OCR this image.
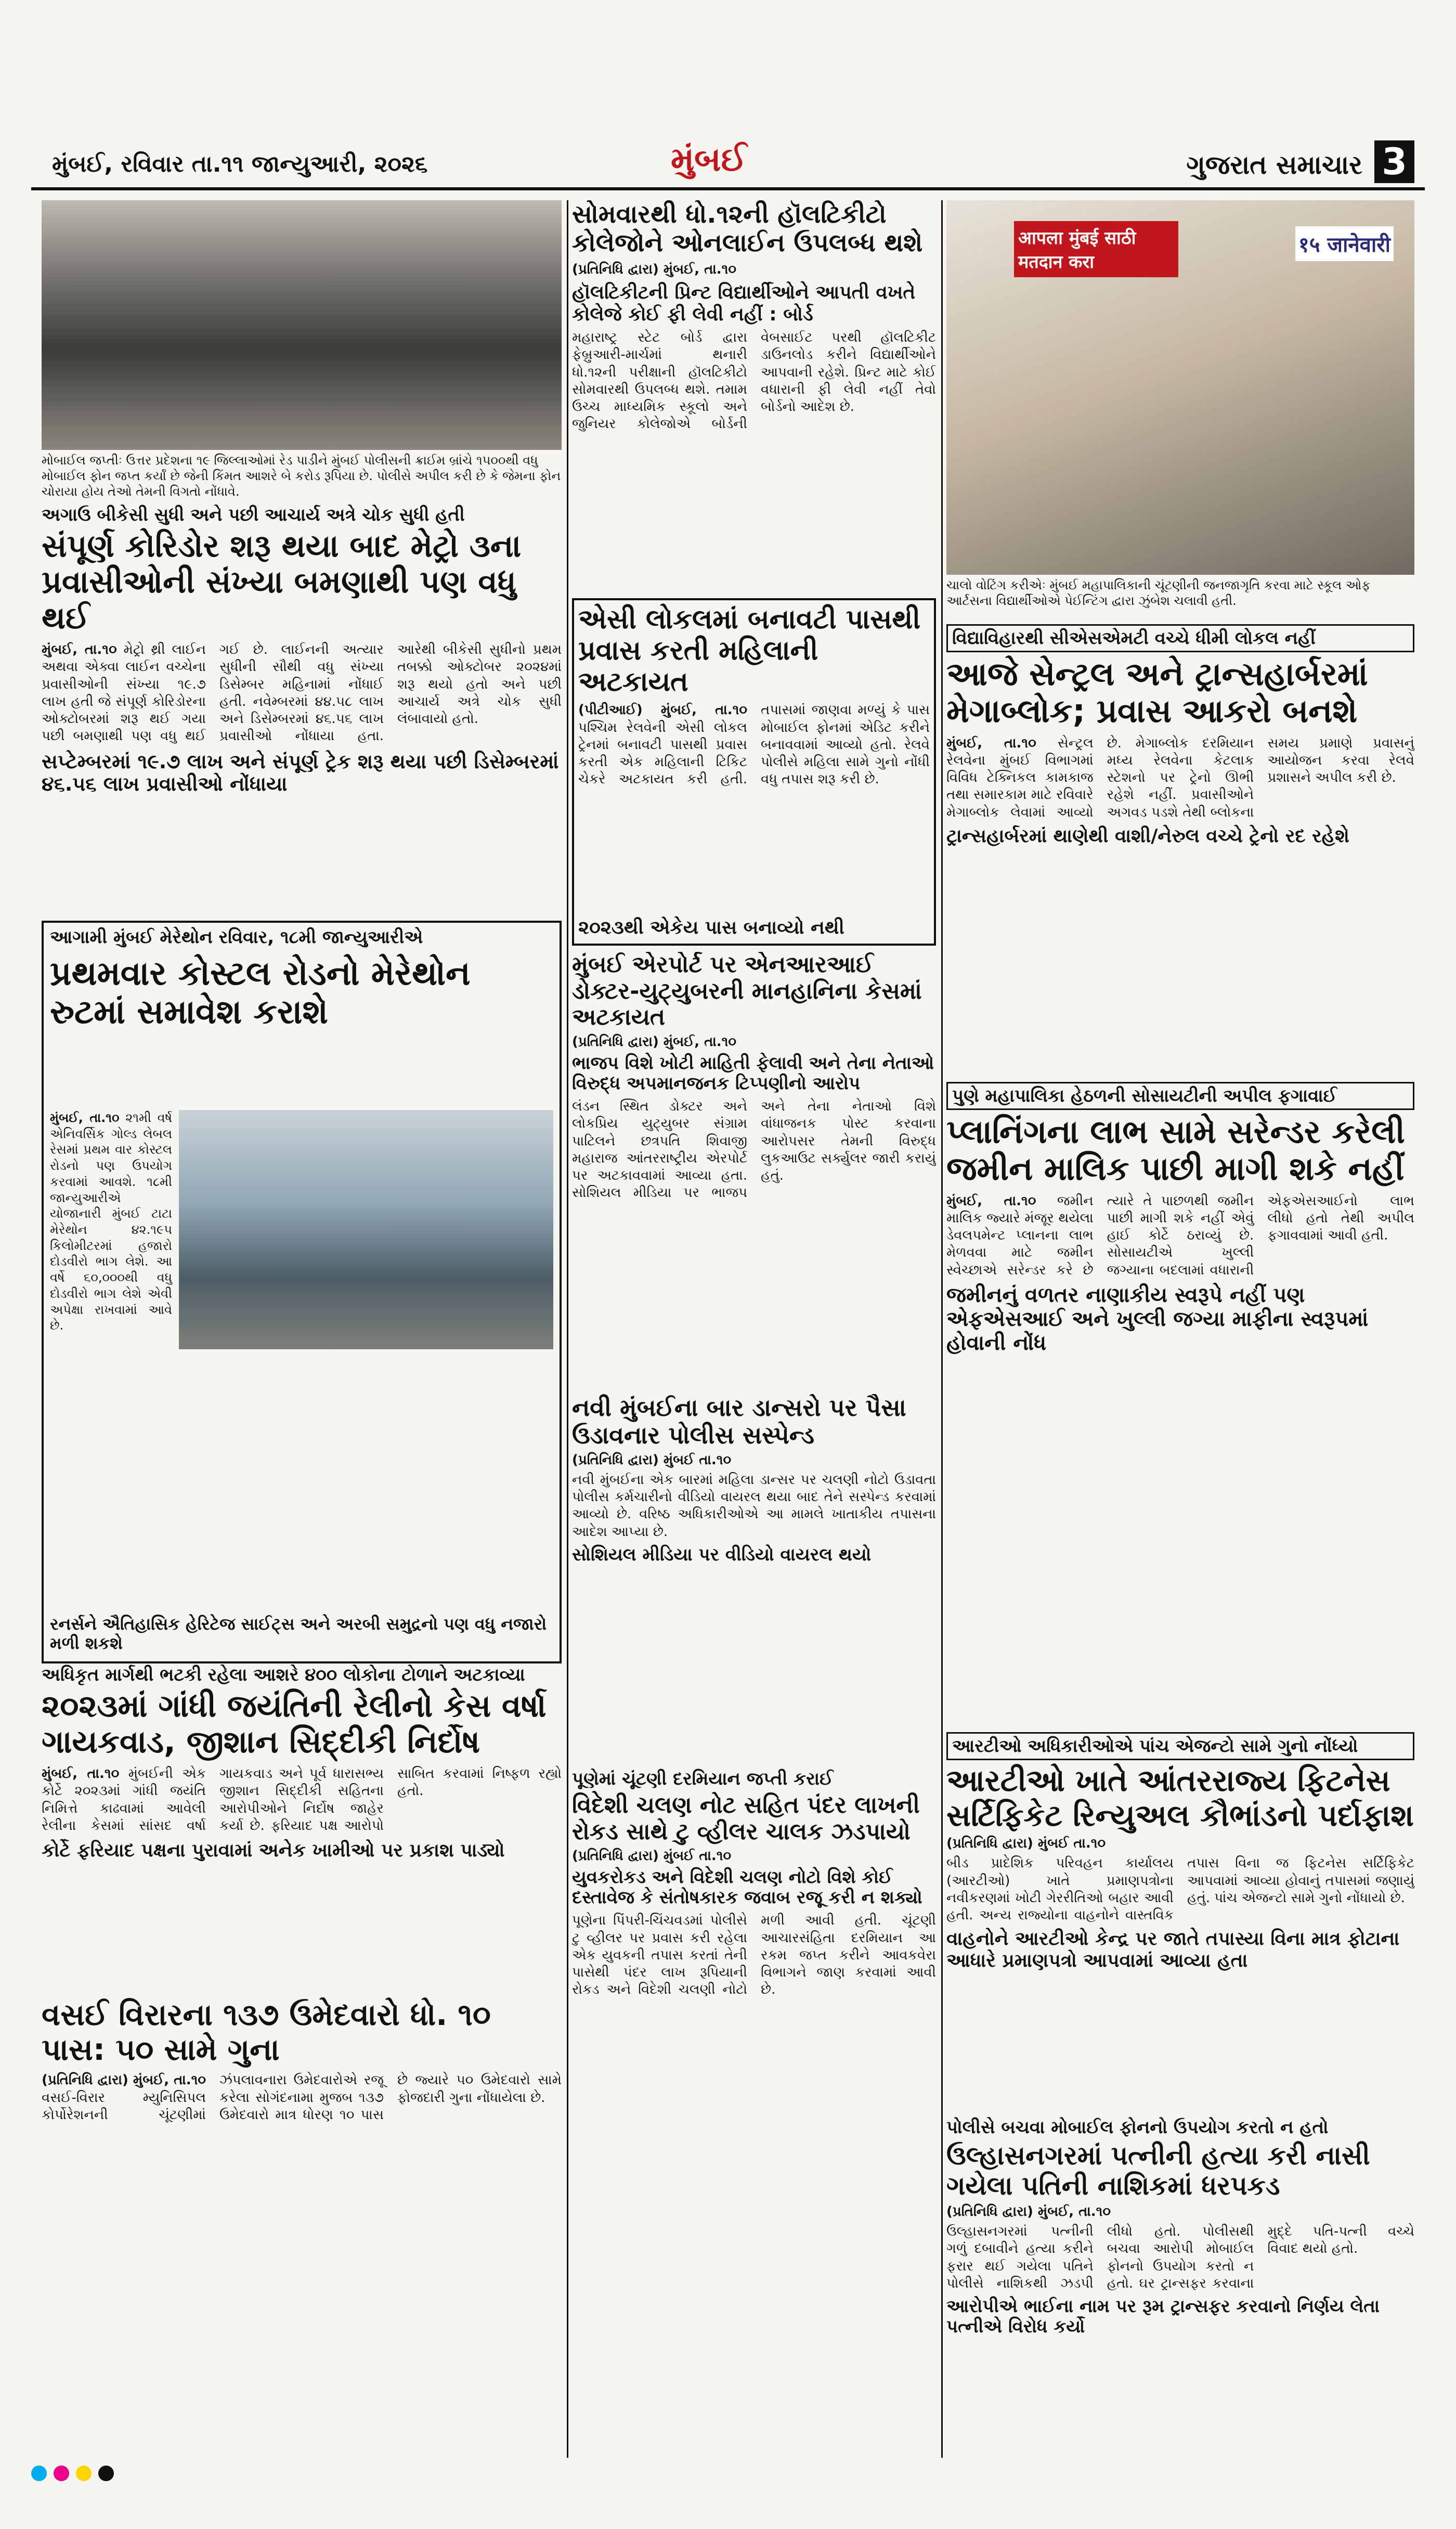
મુંબઈ, રવિવાર તા.૧૧ જાન્યુઆરી, ૨૦૨૬	મુંબઈ	ગુજરાત સમાચાર 3
મોબાઈલ જપ્તીઃ ઉત્તર પ્રદેશના ૧૯ જિલ્લાઓમાં રેડ પાડીને મુંબઈ પોલીસની ક્રાઈમ બ્રાંચે ૧૫૦૦થી વધુ મોબાઈલ ફોન જપ્ત કર્યાં છે જેની કિંમત આશરે બે કરોડ રૂપિયા છે. પોલીસે અપીલ કરી છે કે જેમના ફોન ચોરાયા હોય તેઓ તેમની વિગતો નોંધાવે.
અગાઉ બીકેસી સુધી અને પછી આચાર્ય અત્રે ચોક સુધી હતી
સંપૂર્ણ કોરિડોર શરૂ થયા બાદ મેટ્રો ૩ના પ્રવાસીઓની સંખ્યા બમણાથી પણ વધુ થઈ
મુંબઈ, તા.૧૦ મેટ્રો થ્રી લાઈન અથવા એક્વા લાઈન વચ્ચેના પ્રવાસીઓની સંખ્યા ૧૯.૭ લાખ હતી જે સંપૂર્ણ કોરિડોરના ઓક્ટોબરમાં શરૂ થઈ ગયા પછી બમણાથી પણ વધુ થઈ ગઈ છે. લાઈનની અત્યાર સુધીની સૌથી વધુ સંખ્યા ડિસેમ્બર મહિનામાં નોંધાઈ હતી. નવેમ્બરમાં ૪૪.૫૮ લાખ અને ડિસેમ્બરમાં ૪૬.૫૬ લાખ પ્રવાસીઓ નોંધાયા હતા. આરેથી બીકેસી સુધીનો પ્રથમ તબક્કો ઓક્ટોબર ૨૦૨૪માં શરૂ થયો હતો અને પછી આચાર્ય અત્રે ચોક સુધી લંબાવાયો હતો.
સપ્ટેમ્બરમાં ૧૯.૭ લાખ અને સંપૂર્ણ ટ્રેક શરૂ થયા પછી ડિસેમ્બરમાં ૪૬.૫૬ લાખ પ્રવાસીઓ નોંધાયા
આગામી મુંબઈ મેરેથોન રવિવાર, ૧૮મી જાન્યુઆરીએ
પ્રથમવાર કોસ્ટલ રોડનો મેરેથોન રુટમાં સમાવેશ કરાશે
મુંબઈ, તા.૧૦ ૨૧મી વર્ષ એનિવર્સિક ગોલ્ડ લેબલ રેસમાં પ્રથમ વાર કોસ્ટલ રોડનો પણ ઉપયોગ કરવામાં આવશે. ૧૮મી જાન્યુઆરીએ યોજાનારી મુંબઈ ટાટા મેરેથોન ૪૨.૧૯૫ કિલોમીટરમાં હજારો દોડવીરો ભાગ લેશે. આ વર્ષે ૬૦,૦૦૦થી વધુ દોડવીરો ભાગ લેશે એવી અપેક્ષા રાખવામાં આવે છે.
રનર્સને ઐતિહાસિક હેરિટેજ સાઈટ્સ અને અરબી સમુદ્રનો પણ વધુ નજારો મળી શકશે
અધિકૃત માર્ગથી ભટકી રહેલા આશરે ૪૦૦ લોકોના ટોળાને અટકાવ્યા
૨૦૨૩માં ગાંધી જયંતિની રેલીનો કેસ વર્ષા ગાયકવાડ, જીશાન સિદ્દીકી નિર્દોષ
મુંબઈ, તા.૧૦ મુંબઈની એક કોર્ટે ૨૦૨૩માં ગાંધી જયંતિ નિમિત્તે કાઢવામાં આવેલી રેલીના કેસમાં સાંસદ વર્ષા ગાયકવાડ અને પૂર્વ ધારાસભ્ય જીશાન સિદ્દીકી સહિતના આરોપીઓને નિર્દોષ જાહેર કર્યા છે. ફરિયાદ પક્ષ આરોપો સાબિત કરવામાં નિષ્ફળ રહ્યો હતો.
કોર્ટે ફરિયાદ પક્ષના પુરાવામાં અનેક ખામીઓ પર પ્રકાશ પાડ્યો
વસઈ વિરારના ૧૩૭ ઉમેદવારો ધો. ૧૦ પાસ: ૫૦ સામે ગુના
(પ્રતિનિધિ દ્વારા) મુંબઈ, તા.૧૦ વસઈ-વિરાર મ્યુનિસિપલ કોર્પોરેશનની ચૂંટણીમાં ઝંપલાવનારા ઉમેદવારોએ રજૂ કરેલા સોગંદનામા મુજબ ૧૩૭ ઉમેદવારો માત્ર ધોરણ ૧૦ પાસ છે જ્યારે ૫૦ ઉમેદવારો સામે ફોજદારી ગુના નોંધાયેલા છે.
સોમવારથી ધો.૧૨ની હૉલટિકીટો કોલેજોને ઓનલાઈન ઉપલબ્ધ થશે
(પ્રતિનિધિ દ્વારા) મુંબઈ, તા.૧૦
હૉલટિકીટની પ્રિન્ટ વિદ્યાર્થીઓને આપતી વખતે કોલેજે કોઈ ફી લેવી નહીં : બોર્ડ
મહારાષ્ટ્ર સ્ટેટ બોર્ડ દ્વારા ફેબ્રુઆરી-માર્ચમાં થનારી ધો.૧૨ની પરીક્ષાની હૉલટિકીટો સોમવારથી ઉપલબ્ધ થશે. તમામ ઉચ્ચ માધ્યમિક સ્કૂલો અને જુનિયર કોલેજોએ બોર્ડની વેબસાઈટ પરથી હૉલટિકીટ ડાઉનલોડ કરીને વિદ્યાર્થીઓને આપવાની રહેશે. પ્રિન્ટ માટે કોઈ વધારાની ફી લેવી નહીં તેવો બોર્ડનો આદેશ છે.
એસી લોકલમાં બનાવટી પાસથી પ્રવાસ કરતી મહિલાની અટકાયત
(પીટીઆઈ) મુંબઈ, તા.૧૦ પશ્ચિમ રેલવેની એસી લોકલ ટ્રેનમાં બનાવટી પાસથી પ્રવાસ કરતી એક મહિલાની ટિકિટ ચેકરે અટકાયત કરી હતી. તપાસમાં જાણવા મળ્યું કે પાસ મોબાઈલ ફોનમાં એડિટ કરીને બનાવવામાં આવ્યો હતો. રેલવે પોલીસે મહિલા સામે ગુનો નોંધી વધુ તપાસ શરૂ કરી છે.
૨૦૨૩થી એકેય પાસ બનાવ્યો નથી
મુંબઈ એરપોર્ટ પર એનઆરઆઈ ડોક્ટર-યુટ્યુબરની માનહાનિના કેસમાં અટકાયત
(પ્રતિનિધિ દ્વારા) મુંબઈ, તા.૧૦
ભાજપ વિશે ખોટી માહિતી ફેલાવી અને તેના નેતાઓ વિરુદ્ધ અપમાનજનક ટિપ્પણીનો આરોપ
લંડન સ્થિત ડોક્ટર અને લોકપ્રિય યુટ્યુબર સંગ્રામ પાટિલને છત્રપતિ શિવાજી મહારાજ આંતરરાષ્ટ્રીય એરપોર્ટ પર અટકાવવામાં આવ્યા હતા. સોશિયલ મીડિયા પર ભાજપ અને તેના નેતાઓ વિશે વાંધાજનક પોસ્ટ કરવાના આરોપસર તેમની વિરુદ્ધ લુકઆઉટ સર્ક્યુલર જારી કરાયું હતું.
નવી મુંબઈના બાર ડાન્સરો પર પૈસા ઉડાવનાર પોલીસ સસ્પેન્ડ
(પ્રતિનિધિ દ્વારા) મુંબઈ તા.૧૦
નવી મુંબઈના એક બારમાં મહિલા ડાન્સર પર ચલણી નોટો ઉડાવતા પોલીસ કર્મચારીનો વીડિયો વાયરલ થયા બાદ તેને સસ્પેન્ડ કરવામાં આવ્યો છે. વરિષ્ઠ અધિકારીઓએ આ મામલે ખાતાકીય તપાસના આદેશ આપ્યા છે.
સોશિયલ મીડિયા પર વીડિયો વાયરલ થયો
પૂણેમાં ચૂંટણી દરમિયાન જપ્તી કરાઈ
વિદેશી ચલણ નોટ સહિત પંદર લાખની રોકડ સાથે ટુ વ્હીલર ચાલક ઝડપાયો
(પ્રતિનિધિ દ્વારા) મુંબઈ તા.૧૦
યુવકરોકડ અને વિદેશી ચલણ નોટો વિશે કોઈ દસ્તાવેજ કે સંતોષકારક જવાબ રજૂ કરી ન શક્યો
પૂણેના પિંપરી-ચિંચવડમાં પોલીસે ટુ વ્હીલર પર પ્રવાસ કરી રહેલા એક યુવકની તપાસ કરતાં તેની પાસેથી પંદર લાખ રૂપિયાની રોકડ અને વિદેશી ચલણી નોટો મળી આવી હતી. ચૂંટણી આચારસંહિતા દરમિયાન આ રકમ જપ્ત કરીને આવકવેરા વિભાગને જાણ કરવામાં આવી છે.
आपला मुंबई साठी मतदान करा
१५ जानेवारी
ચાલો વોટિંગ કરીએઃ મુંબઈ મહાપાલિકાની ચૂંટણીની જનજાગૃતિ કરવા માટે સ્કૂલ ઓફ આર્ટસના વિદ્યાર્થીઓએ પેઈન્ટિંગ દ્વારા ઝુંબેશ ચલાવી હતી.
વિદ્યાવિહારથી સીએસએમટી વચ્ચે ધીમી લોકલ નહીં
આજે સેન્ટ્રલ અને ટ્રાન્સહાર્બરમાં મેગાબ્લોક; પ્રવાસ આકરો બનશે
મુંબઈ, તા.૧૦ સેન્ટ્રલ રેલવેના મુંબઈ વિભાગમાં વિવિધ ટેક્નિકલ કામકાજ તથા સમારકામ માટે રવિવારે મેગાબ્લોક લેવામાં આવ્યો છે. મેગાબ્લોક દરમિયાન મધ્ય રેલવેના કેટલાક સ્ટેશનો પર ટ્રેનો ઊભી રહેશે નહીં. પ્રવાસીઓને અગવડ પડશે તેથી બ્લોકના સમય પ્રમાણે પ્રવાસનું આયોજન કરવા રેલવે પ્રશાસને અપીલ કરી છે.
ટ્રાન્સહાર્બરમાં થાણેથી વાશી/નેરુલ વચ્ચે ટ્રેનો રદ રહેશે
પુણે મહાપાલિકા હેઠળની સોસાયટીની અપીલ ફગાવાઈ
પ્લાનિંગના લાભ સામે સરેન્ડર કરેલી જમીન માલિક પાછી માગી શકે નહીં
મુંબઈ, તા.૧૦ જમીન માલિક જ્યારે મંજૂર થયેલા ડેવલપમેન્ટ પ્લાનના લાભ મેળવવા માટે જમીન સ્વેચ્છાએ સરેન્ડર કરે છે ત્યારે તે પાછળથી જમીન પાછી માગી શકે નહીં એવું હાઈ કોર્ટે ઠરાવ્યું છે. સોસાયટીએ ખુલ્લી જગ્યાના બદલામાં વધારાની એફએસઆઈનો લાભ લીધો હતો તેથી અપીલ ફગાવવામાં આવી હતી.
જમીનનું વળતર નાણાકીય સ્વરૂપે નહીં પણ એફએસઆઈ અને ખુલ્લી જગ્યા માફીના સ્વરૂપમાં હોવાની નોંધ
આરટીઓ અધિકારીઓએ પાંચ એજન્ટો સામે ગુનો નોંધ્યો
આરટીઓ ખાતે આંતરરાજ્ય ફિટનેસ સર્ટિફિકેટ રિન્યુઅલ કૌભાંડનો પર્દાફાશ
(પ્રતિનિધિ દ્વારા) મુંબઈ તા.૧૦
બીડ પ્રાદેશિક પરિવહન કાર્યાલય (આરટીઓ) ખાતે પ્રમાણપત્રોના નવીકરણમાં ખોટી ગેરરીતિઓ બહાર આવી હતી. અન્ય રાજ્યોના વાહનોને વાસ્તવિક તપાસ વિના જ ફિટનેસ સર્ટિફિકેટ આપવામાં આવ્યા હોવાનું તપાસમાં જણાયું હતું. પાંચ એજન્ટો સામે ગુનો નોંધાયો છે.
વાહનોને આરટીઓ કેન્દ્ર પર જાતે તપાસ્યા વિના માત્ર ફોટાના આધારે પ્રમાણપત્રો આપવામાં આવ્યા હતા
પોલીસે બચવા મોબાઈલ ફોનનો ઉપયોગ કરતો ન હતો
ઉલ્હાસનગરમાં પત્નીની હત્યા કરી નાસી ગયેલા પતિની નાશિકમાં ધરપકડ
(પ્રતિનિધિ દ્વારા) મુંબઈ, તા.૧૦
ઉલ્હાસનગરમાં પત્નીની ગળું દબાવીને હત્યા કરીને ફરાર થઈ ગયેલા પતિને પોલીસે નાશિકથી ઝડપી લીધો હતો. પોલીસથી બચવા આરોપી મોબાઈલ ફોનનો ઉપયોગ કરતો ન હતો. ઘર ટ્રાન્સફર કરવાના મુદ્દે પતિ-પત્ની વચ્ચે વિવાદ થયો હતો.
આરોપીએ ભાઈના નામ પર રૂમ ટ્રાન્સફર કરવાનો નિર્ણય લેતા પત્નીએ વિરોધ કર્યો
